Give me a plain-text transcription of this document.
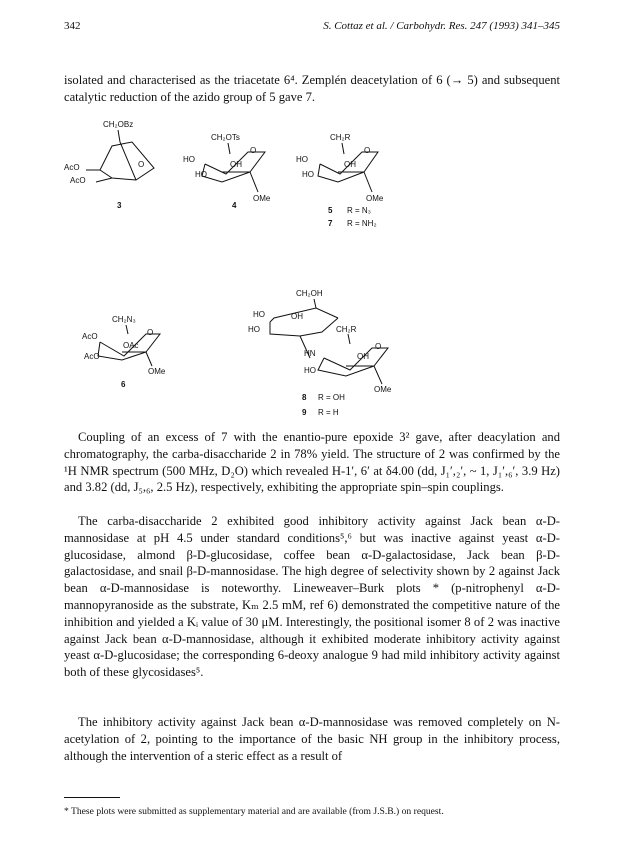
342	S. Cottaz et al. / Carbohydr. Res. 247 (1993) 341–345

isolated and characterised as the triacetate 6⁴. Zemplén deacetylation of 6 (→ 5) and subsequent catalytic reduction of the azido group of 5 gave 7.

CH₂OBz
O
AcO
AcO
3
CH₂OTs
O
HO
HO
OH
OMe
4
CH₂R
O
HO
HO
OH
OMe
5 R = N₃
7 R = NH₂
CH₂N₃
O
AcO
AcO
OAc
OMe
6
CH₂OH
HO	OH
HO	CH₂R
HN	OH
HO
O
OMe
8 R = OH
9 R = H

Coupling of an excess of 7 with the enantio-pure epoxide 3² gave, after deacylation and chromatography, the carba-disaccharide 2 in 78% yield. The structure of 2 was confirmed by the ¹H NMR spectrum (500 MHz, D₂O) which revealed H-1′, 6′ at δ4.00 (dd, J₁′,₂′, ~ 1, J₁′,₆′, 3.9 Hz) and 3.82 (dd, J₅,₆, 2.5 Hz), respectively, exhibiting the appropriate spin–spin couplings.

The carba-disaccharide 2 exhibited good inhibitory activity against Jack bean α-D-mannosidase at pH 4.5 under standard conditions⁵,⁶ but was inactive against yeast α-D-glucosidase, almond β-D-glucosidase, coffee bean α-D-galactosidase, Jack bean β-D-galactosidase, and snail β-D-mannosidase. The high degree of selectivity shown by 2 against Jack bean α-D-mannosidase is noteworthy. Lineweaver–Burk plots * (p-nitrophenyl α-D-mannopyranoside as the substrate, Kₘ 2.5 mM, ref 6) demonstrated the competitive nature of the inhibition and yielded a Kᵢ value of 30 μM. Interestingly, the positional isomer 8 of 2 was inactive against Jack bean α-D-mannosidase, although it exhibited moderate inhibitory activity against yeast α-D-glucosidase; the corresponding 6-deoxy analogue 9 had mild inhibitory activity against both of these glycosidases⁵.

The inhibitory activity against Jack bean α-D-mannosidase was removed completely on N-acetylation of 2, pointing to the importance of the basic NH group in the inhibitory process, although the intervention of a steric effect as a result of

* These plots were submitted as supplementary material and are available (from J.S.B.) on request.
